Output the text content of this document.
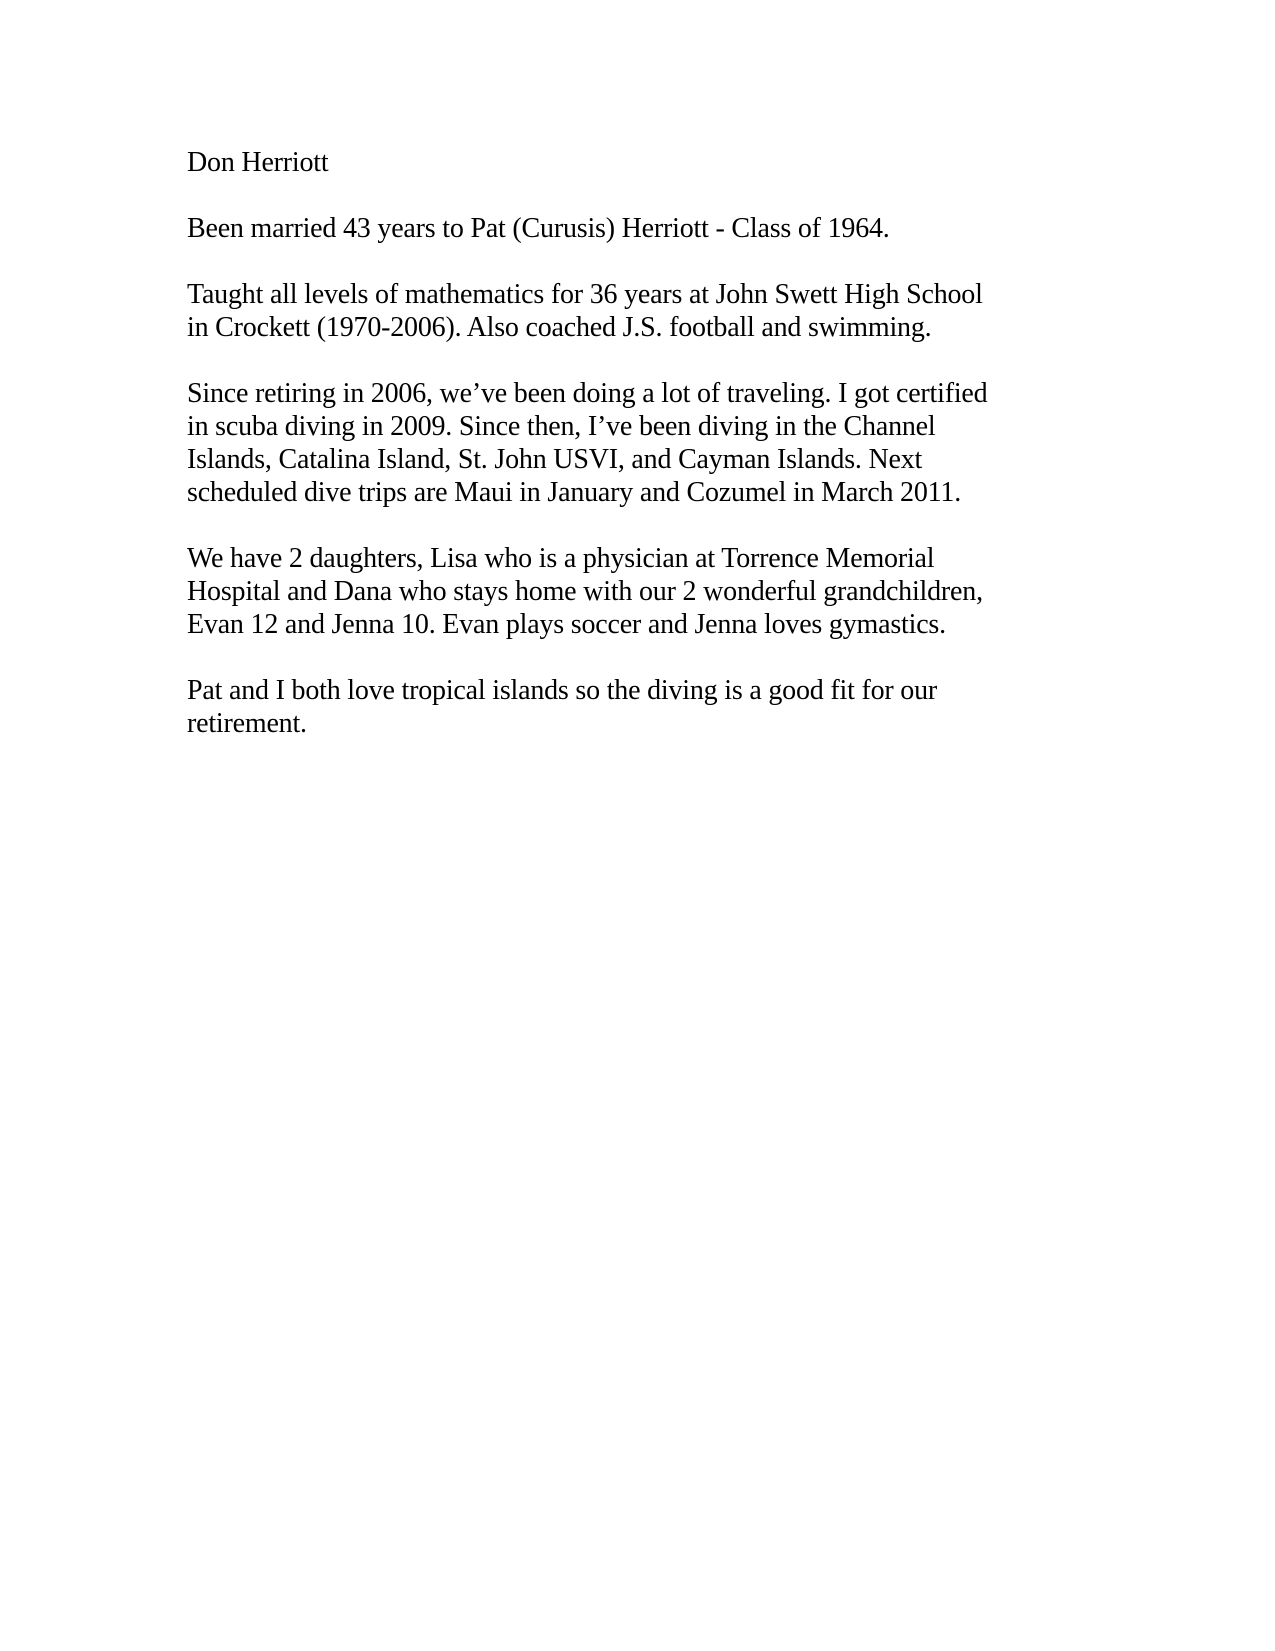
Don Herriott

Been married 43 years to Pat (Curusis) Herriott - Class of 1964.

Taught all levels of mathematics for 36 years at John Swett High School
in Crockett (1970-2006). Also coached J.S. football and swimming.

Since retiring in 2006, we’ve been doing a lot of traveling. I got certified
in scuba diving in 2009. Since then, I’ve been diving in the Channel
Islands, Catalina Island, St. John USVI, and Cayman Islands. Next
scheduled dive trips are Maui in January and Cozumel in March 2011.

We have 2 daughters, Lisa who is a physician at Torrence Memorial
Hospital and Dana who stays home with our 2 wonderful grandchildren,
Evan 12 and Jenna 10. Evan plays soccer and Jenna loves gymastics.

Pat and I both love tropical islands so the diving is a good fit for our
retirement.
